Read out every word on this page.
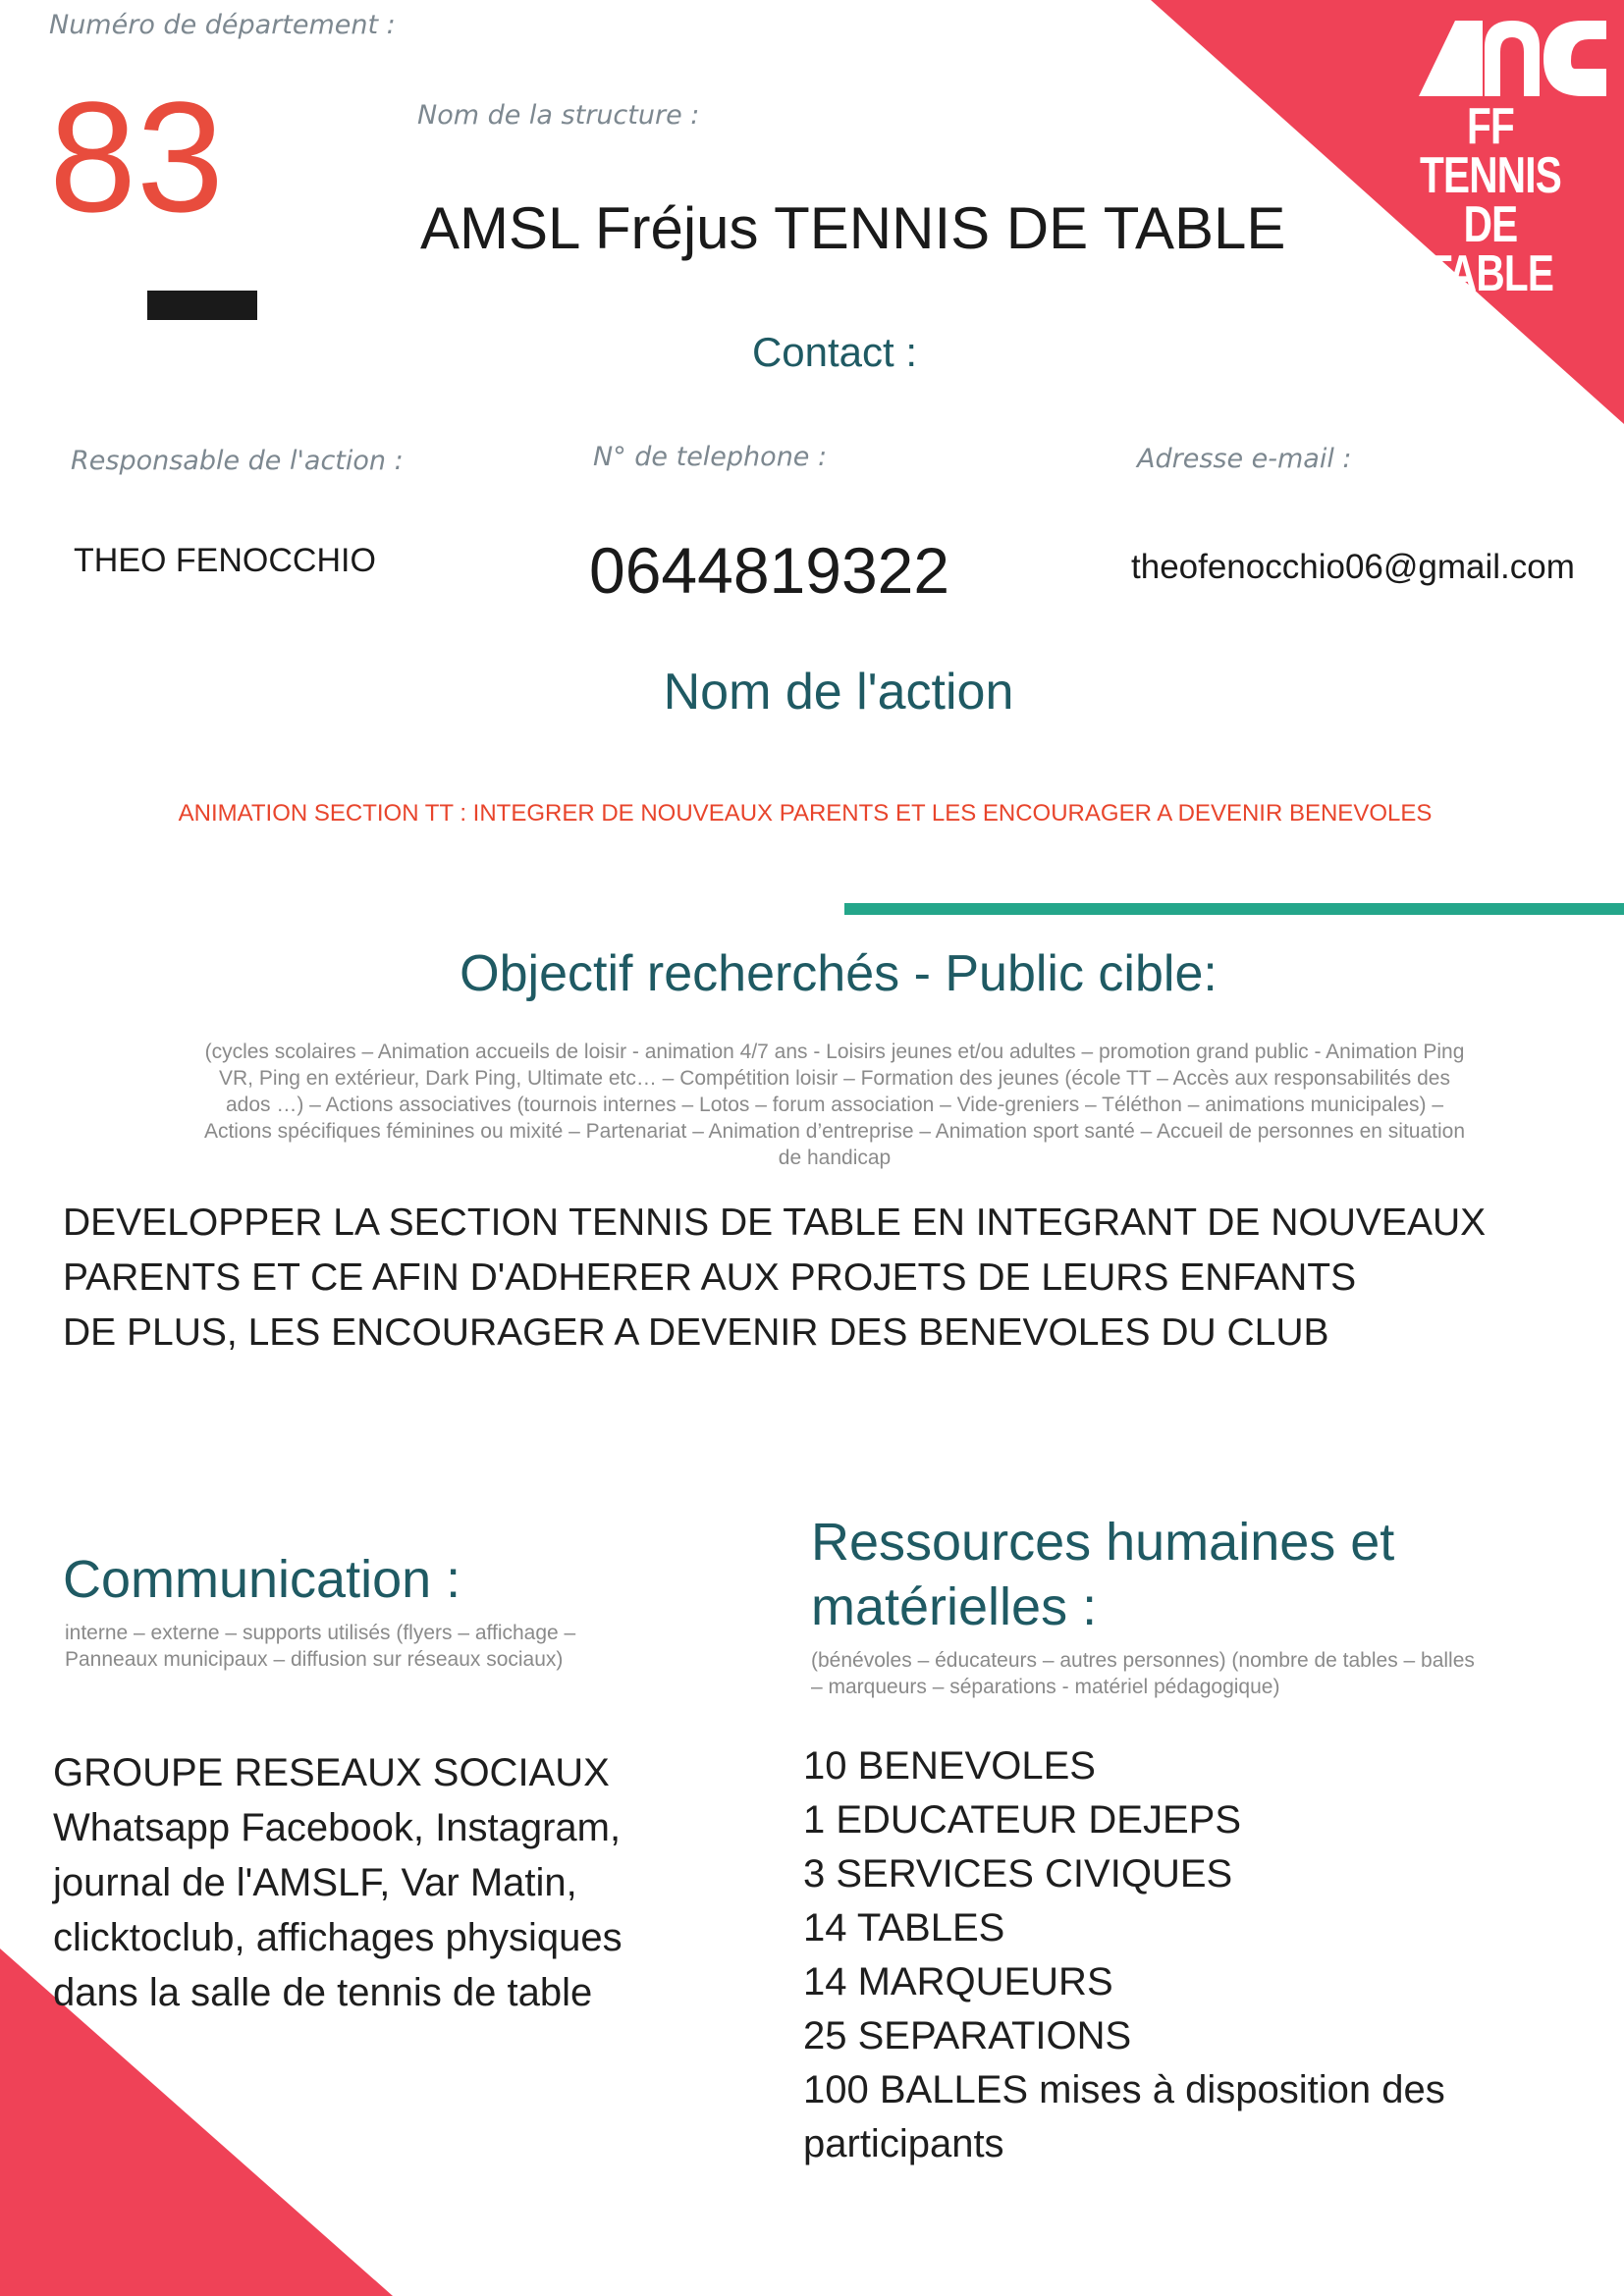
FF TENNIS
DE TABLE
Numéro de département :
83	Nom de la structure :
AMSL Fréjus TENNIS DE TABLE
Contact :
Responsable de l'action :	N° de telephone :	Adresse e-mail :
THEO FENOCCHIO	0644819322	theofenocchio06@gmail.com
Nom de l'action
ANIMATION SECTION TT : INTEGRER DE NOUVEAUX PARENTS ET LES ENCOURAGER A DEVENIR BENEVOLES
Objectif recherchés - Public cible:
(cycles scolaires – Animation accueils de loisir - animation 4/7 ans - Loisirs jeunes et/ou adultes – promotion grand public - Animation Ping
VR, Ping en extérieur, Dark Ping, Ultimate etc… – Compétition loisir – Formation des jeunes (école TT – Accès aux responsabilités des
ados …) – Actions associatives (tournois internes – Lotos – forum association – Vide-greniers – Téléthon – animations municipales) –
Actions spécifiques féminines ou mixité – Partenariat – Animation d’entreprise – Animation sport santé – Accueil de personnes en situation
de handicap
DEVELOPPER LA SECTION TENNIS DE TABLE EN INTEGRANT DE NOUVEAUX
PARENTS ET CE AFIN D'ADHERER AUX PROJETS DE LEURS ENFANTS
DE PLUS, LES ENCOURAGER A DEVENIR DES BENEVOLES DU CLUB
Communication :
interne – externe – supports utilisés (flyers – affichage –
Panneaux municipaux – diffusion sur réseaux sociaux)
GROUPE RESEAUX SOCIAUX
Whatsapp Facebook, Instagram,
journal de l'AMSLF, Var Matin,
clicktoclub, affichages physiques
dans la salle de tennis de table
Ressources humaines et
matérielles :
(bénévoles – éducateurs – autres personnes) (nombre de tables – balles
– marqueurs – séparations - matériel pédagogique)
10 BENEVOLES
1 EDUCATEUR DEJEPS
3 SERVICES CIVIQUES
14 TABLES
14 MARQUEURS
25 SEPARATIONS
100 BALLES mises à disposition des
participants
